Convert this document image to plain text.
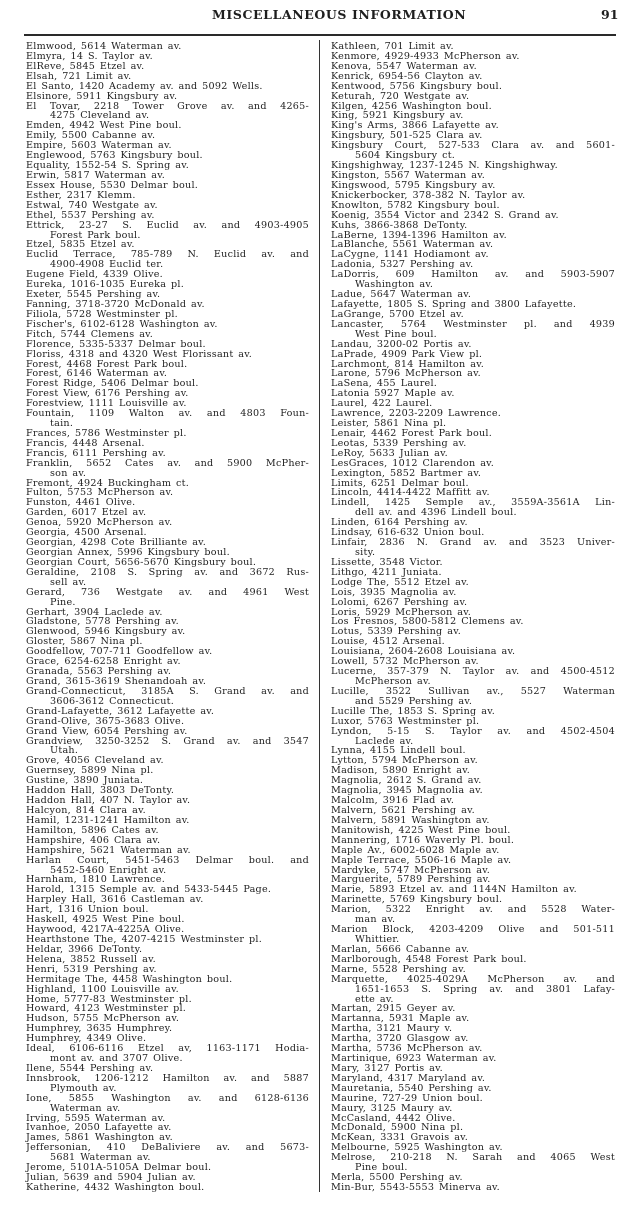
MISCELLANEOUS INFORMATION	91
Elmwood, 5614 Waterman av.
Elmyra, 14 S. Taylor av.
ElReve, 5845 Etzel av.
Elsah, 721 Limit av.
El Santo, 1420 Academy av. and 5092 Wells.
Elsinore, 5911 Kingsbury av.
El Tovar, 2218 Tower Grove av. and 4265-
4275 Cleveland av.
Emden, 4942 West Pine boul.
Emily, 5500 Cabanne av.
Empire, 5603 Waterman av.
Englewood, 5763 Kingsbury boul.
Equality, 1552-54 S. Spring av.
Erwin, 5817 Waterman av.
Essex House, 5530 Delmar boul.
Esther, 2317 Klemm.
Estwal, 740 Westgate av.
Ethel, 5537 Pershing av.
Ettrick, 23-27 S. Euclid av. and 4903-4905
Forest Park boul.
Etzel, 5835 Etzel av.
Euclid Terrace, 785-789 N. Euclid av. and
4900-4908 Euclid ter.
Eugene Field, 4339 Olive.
Eureka, 1016-1035 Eureka pl.
Exeter, 5545 Pershing av.
Fanning, 3718-3720 McDonald av.
Filiola, 5728 Westminster pl.
Fischer's, 6102-6128 Washington av.
Fitch, 5744 Clemens av.
Florence, 5335-5337 Delmar boul.
Floriss, 4318 and 4320 West Florissant av.
Forest, 4468 Forest Park boul.
Forest, 6146 Waterman av.
Forest Ridge, 5406 Delmar boul.
Forest View, 6176 Pershing av.
Forestview, 1111 Louisville av.
Fountain, 1109 Walton av. and 4803 Foun-
tain.
Frances, 5786 Westminster pl.
Francis, 4448 Arsenal.
Francis, 6111 Pershing av.
Franklin, 5652 Cates av. and 5900 McPher-
son av.
Fremont, 4924 Buckingham ct.
Fulton, 5753 McPherson av.
Funston, 4461 Olive.
Garden, 6017 Etzel av.
Genoa, 5920 McPherson av.
Georgia, 4500 Arsenal.
Georgian, 4298 Cote Brilliante av.
Georgian Annex, 5996 Kingsbury boul.
Georgian Court, 5656-5670 Kingsbury boul.
Geraldine, 2108 S. Spring av. and 3672 Rus-
sell av.
Gerard, 736 Westgate av. and 4961 West
Pine.
Gerhart, 3904 Laclede av.
Gladstone, 5778 Pershing av.
Glenwood, 5946 Kingsbury av.
Gloster, 5867 Nina pl.
Goodfellow, 707-711 Goodfellow av.
Grace, 6254-6258 Enright av.
Granada, 5563 Pershing av.
Grand, 3615-3619 Shenandoah av.
Grand-Connecticut, 3185A S. Grand av. and
3606-3612 Connecticut.
Grand-Lafayette, 3612 Lafayette av.
Grand-Olive, 3675-3683 Olive.
Grand View, 6054 Pershing av.
Grandview, 3250-3252 S. Grand av. and 3547
Utah.
Grove, 4056 Cleveland av.
Guernsey, 5899 Nina pl.
Gustine, 3890 Juniata.
Haddon Hall, 3803 DeTonty.
Haddon Hall, 407 N. Taylor av.
Halcyon, 814 Clara av.
Hamil, 1231-1241 Hamilton av.
Hamilton, 5896 Cates av.
Hampshire, 406 Clara av.
Hampshire, 5621 Waterman av.
Harlan Court, 5451-5463 Delmar boul. and
5452-5460 Enright av.
Harnham, 1810 Lawrence.
Harold, 1315 Semple av. and 5433-5445 Page.
Harpley Hall, 3616 Castleman av.
Hart, 1316 Union boul.
Haskell, 4925 West Pine boul.
Haywood, 4217A-4225A Olive.
Hearthstone The, 4207-4215 Westminster pl.
Heldar, 3966 DeTonty.
Helena, 3852 Russell av.
Henri, 5319 Pershing av.
Hermitage The, 4458 Washington boul.
Highland, 1100 Louisville av.
Home, 5777-83 Westminster pl.
Howard, 4123 Westminster pl.
Hudson, 5755 McPherson av.
Humphrey, 3635 Humphrey.
Humphrey, 4349 Olive.
Ideal, 6106-6116 Etzel av, 1163-1171 Hodia-
mont av. and 3707 Olive.
Ilene, 5544 Pershing av.
Innsbrook, 1206-1212 Hamilton av. and 5887
Plymouth av.
Ione, 5855 Washington av. and 6128-6136
Waterman av.
Irving, 5595 Waterman av.
Ivanhoe, 2050 Lafayette av.
James, 5861 Washington av.
Jeffersonian, 410 DeBaliviere av. and 5673-
5681 Waterman av.
Jerome, 5101A-5105A Delmar boul.
Julian, 5639 and 5904 Julian av.
Katherine, 4432 Washington boul.
Kathleen, 701 Limit av.
Kenmore, 4929-4933 McPherson av.
Kenova, 5547 Waterman av.
Kenrick, 6954-56 Clayton av.
Kentwood, 5756 Kingsbury boul.
Keturah, 720 Westgate av.
Kilgen, 4256 Washington boul.
King, 5921 Kingsbury av.
King's Arms, 3866 Lafayette av.
Kingsbury, 501-525 Clara av.
Kingsbury Court, 527-533 Clara av. and 5601-
5604 Kingsbury ct.
Kingshighway, 1237-1245 N. Kingshighway.
Kingston, 5567 Waterman av.
Kingswood, 5795 Kingsbury av.
Knickerbocker, 378-382 N. Taylor av.
Knowlton, 5782 Kingsbury boul.
Koenig, 3554 Victor and 2342 S. Grand av.
Kuhs, 3866-3868 DeTonty.
LaBerne, 1394-1396 Hamilton av.
LaBlanche, 5561 Waterman av.
LaCygne, 1141 Hodiamont av.
Ladonia, 5327 Pershing av.
LaDorris, 609 Hamilton av. and 5903-5907
Washington av.
Ladue, 5647 Waterman av.
Lafayette, 1805 S. Spring and 3800 Lafayette.
LaGrange, 5700 Etzel av.
Lancaster, 5764 Westminster pl. and 4939
West Pine boul.
Landau, 3200-02 Portis av.
LaPrade, 4909 Park View pl.
Larchmont, 814 Hamilton av.
Larone, 5796 McPherson av.
LaSena, 455 Laurel.
Latonia 5927 Maple av.
Laurel, 422 Laurel.
Lawrence, 2203-2209 Lawrence.
Leister, 5861 Nina pl.
Lenair, 4462 Forest Park boul.
Leotas, 5339 Pershing av.
LeRoy, 5633 Julian av.
LesGraces, 1012 Clarendon av.
Lexington, 5852 Bartmer av.
Limits, 6251 Delmar boul.
Lincoln, 4414-4422 Maffitt av.
Lindell, 1425 Semple av., 3559A-3561A Lin-
dell av. and 4396 Lindell boul.
Linden, 6164 Pershing av.
Lindsay, 616-632 Union boul.
Linfair, 2836 N. Grand av. and 3523 Univer-
sity.
Lissette, 3548 Victor.
Lithgo, 4211 Juniata.
Lodge The, 5512 Etzel av.
Lois, 3935 Magnolia av.
Lolomi, 6267 Pershing av.
Loris, 5929 McPherson av.
Los Fresnos, 5800-5812 Clemens av.
Lotus, 5339 Pershing av.
Louise, 4512 Arsenal.
Louisiana, 2604-2608 Louisiana av.
Lowell, 5732 McPherson av.
Lucerne, 357-379 N. Taylor av. and 4500-4512
McPherson av.
Lucille, 3522 Sullivan av., 5527 Waterman
and 5529 Pershing av.
Lucille The, 1853 S. Spring av.
Luxor, 5763 Westminster pl.
Lyndon, 5-15 S. Taylor av. and 4502-4504
Laclede av.
Lynna, 4155 Lindell boul.
Lytton, 5794 McPherson av.
Madison, 5890 Enright av.
Magnolia, 2612 S. Grand av.
Magnolia, 3945 Magnolia av.
Malcolm, 3916 Flad av.
Malvern, 5621 Pershing av.
Malvern, 5891 Washington av.
Manitowish, 4225 West Pine boul.
Mannering, 1716 Waverly Pl. boul.
Maple Av., 6002-6028 Maple av.
Maple Terrace, 5506-16 Maple av.
Mardyke, 5747 McPherson av.
Marguerite, 5789 Pershing av.
Marie, 5893 Etzel av. and 1144N Hamilton av.
Marinette, 5769 Kingsbury boul.
Marion, 5322 Enright av. and 5528 Water-
man av.
Marion Block, 4203-4209 Olive and 501-511
Whittier.
Marlan, 5666 Cabanne av.
Marlborough, 4548 Forest Park boul.
Marne, 5528 Pershing av.
Marquette, 4025-4029A McPherson av. and
1651-1653 S. Spring av. and 3801 Lafay-
ette av.
Martan, 2915 Geyer av.
Martanna, 5931 Maple av.
Martha, 3121 Maury v.
Martha, 3720 Glasgow av.
Martha, 5736 McPherson av.
Martinique, 6923 Waterman av.
Mary, 3127 Portis av.
Maryland, 4317 Maryland av.
Mauretania, 5540 Pershing av.
Maurine, 727-29 Union boul.
Maury, 3125 Maury av.
McCasland, 4442 Olive.
McDonald, 5900 Nina pl.
McKean, 3331 Gravois av.
Melbourne, 5925 Washington av.
Melrose, 210-218 N. Sarah and 4065 West
Pine boul.
Merla, 5500 Pershing av.
Min-Bur, 5543-5553 Minerva av.
